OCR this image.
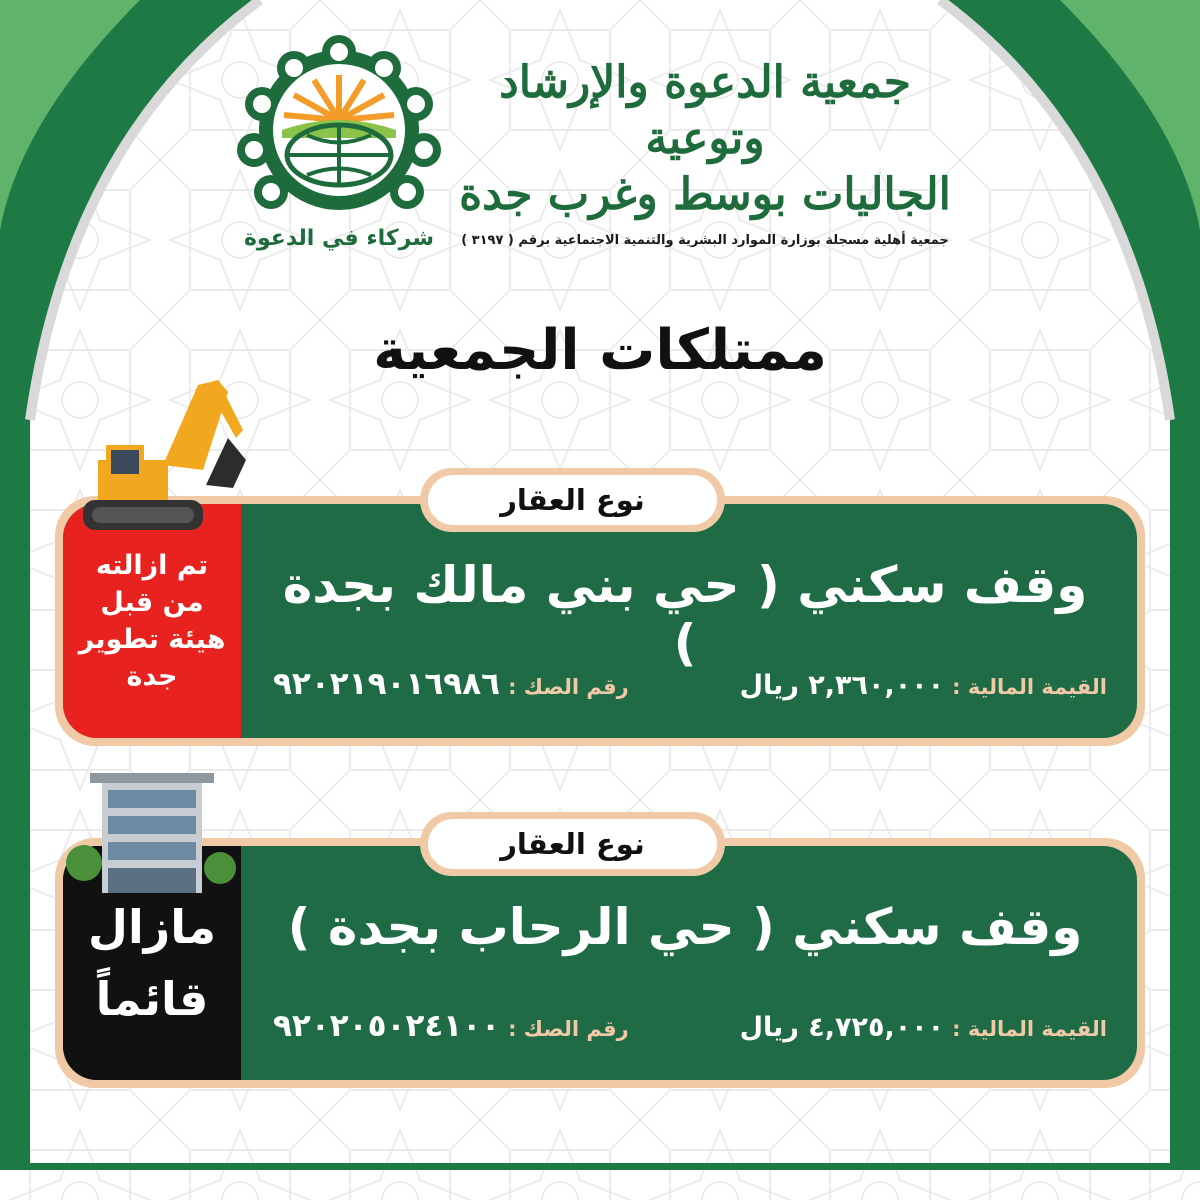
شركاء في الدعوة
جمعية الدعوة والإرشاد وتوعية
الجاليات بوسط وغرب جدة
جمعية أهلية مسجلة بوزارة الموارد البشرية والتنمية الاجتماعية برقم ( ٣١٩٧ )
ممتلكات الجمعية
تم ازالته
من قبل
هيئة تطوير
جدة
وقف سكني ( حي بني مالك بجدة )
القيمة المالية :
٢,٣٦٠,٠٠٠ ريال
رقم الصك :
٩٢٠٢١٩٠١٦٩٨٦
نوع العقار
مازال
قائماً
وقف سكني ( حي الرحاب بجدة )
القيمة المالية :
٤,٧٢٥,٠٠٠ ريال
رقم الصك :
٩٢٠٢٠٥٠٢٤١٠٠
نوع العقار
